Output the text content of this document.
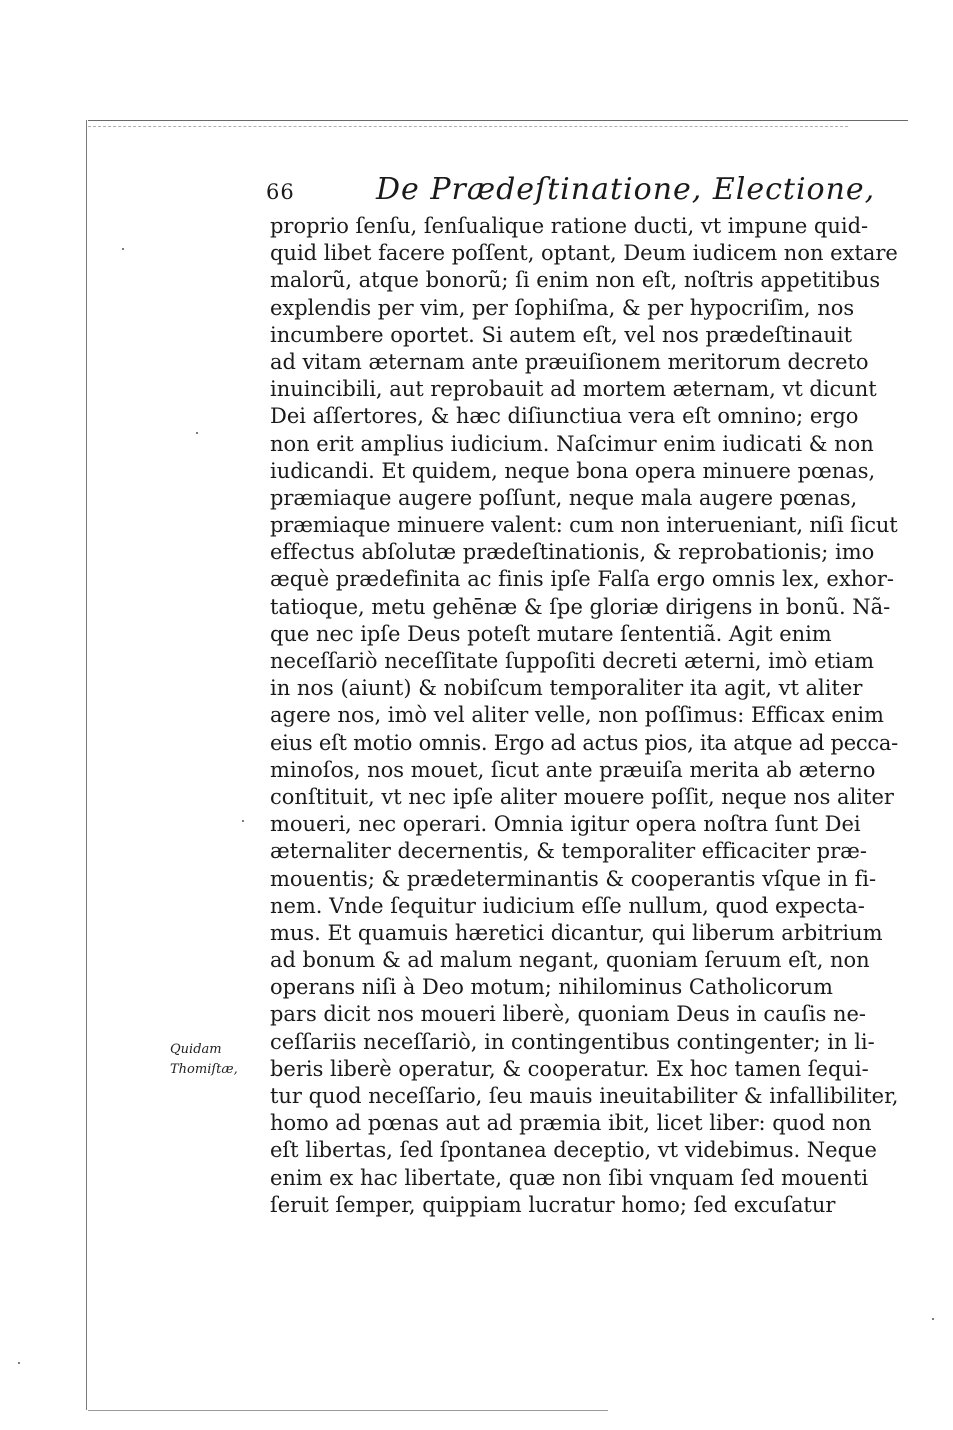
66	De Prædeſtinatione, Electione,
Quidam
Thomiſtæ,
proprio ſenſu, ſenſualique ratione ducti, vt impune quid-
quid libet facere poſſent, optant, Deum iudicem non extare
malorũ, atque bonorũ; ſi enim non eſt, noſtris appetitibus
explendis per vim, per ſophiſma, & per hypocriſim, nos
incumbere oportet. Si autem eſt, vel nos prædeſtinauit
ad vitam æternam ante præuiſionem meritorum decreto
inuincibili, aut reprobauit ad mortem æternam, vt dicunt
Dei aſſertores, & hæc diſiunctiua vera eſt omnino; ergo
non erit amplius iudicium. Naſcimur enim iudicati & non
iudicandi. Et quidem, neque bona opera minuere pœnas,
præmiaque augere poſſunt, neque mala augere pœnas,
præmiaque minuere valent: cum non interueniant, niſi ſicut
effectus abſolutæ prædeſtinationis, & reprobationis; imo
æquè prædefinita ac finis ipſe Falſa ergo omnis lex, exhor-
tatioque, metu gehēnæ & ſpe gloriæ dirigens in bonũ. Nã-
que nec ipſe Deus poteſt mutare ſententiã. Agit enim
neceſſariò neceſſitate ſuppoſiti decreti æterni, imò etiam
in nos (aiunt) & nobiſcum temporaliter ita agit, vt aliter
agere nos, imò vel aliter velle, non poſſimus: Efficax enim
eius eſt motio omnis. Ergo ad actus pios, ita atque ad pecca-
minoſos, nos mouet, ſicut ante præuiſa merita ab æterno
conſtituit, vt nec ipſe aliter mouere poſſit, neque nos aliter
moueri, nec operari. Omnia igitur opera noſtra ſunt Dei
æternaliter decernentis, & temporaliter efficaciter præ-
mouentis; & prædeterminantis & cooperantis vſque in fi-
nem. Vnde ſequitur iudicium eſſe nullum, quod expecta-
mus. Et quamuis hæretici dicantur, qui liberum arbitrium
ad bonum & ad malum negant, quoniam ſeruum eſt, non
operans niſi à Deo motum; nihilominus Catholicorum
pars dicit nos moueri liberè, quoniam Deus in cauſis ne-
ceſſariis neceſſariò, in contingentibus contingenter; in li-
beris liberè operatur, & cooperatur. Ex hoc tamen ſequi-
tur quod neceſſario, ſeu mauis ineuitabiliter & infallibiliter,
homo ad pœnas aut ad præmia ibit, licet liber: quod non
eſt libertas, ſed ſpontanea deceptio, vt videbimus. Neque
enim ex hac libertate, quæ non ſibi vnquam ſed mouenti
ſeruit ſemper, quippiam lucratur homo; ſed excuſatur
